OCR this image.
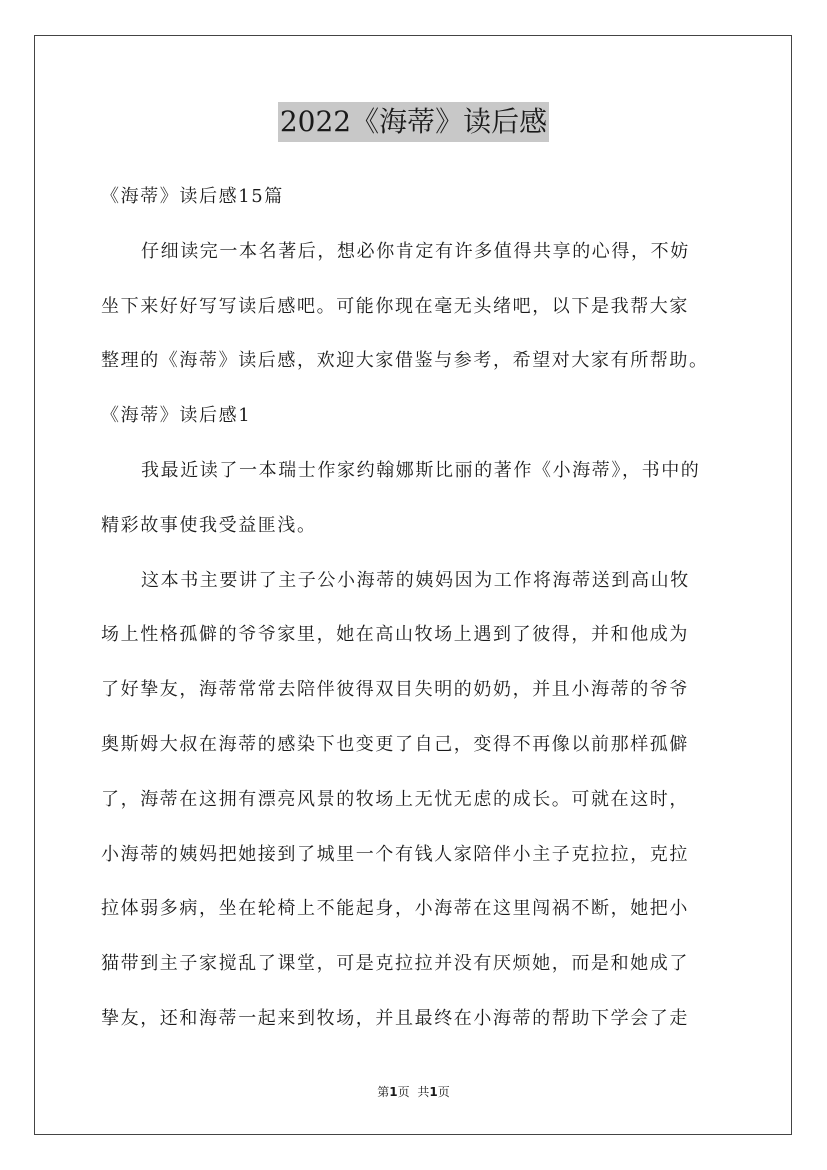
2022《海蒂》读后感
《海蒂》读后感15篇
仔细读完一本名著后，想必你肯定有许多值得共享的心得，不妨
坐下来好好写写读后感吧。可能你现在毫无头绪吧，以下是我帮大家
整理的《海蒂》读后感，欢迎大家借鉴与参考，希望对大家有所帮助。
《海蒂》读后感1
我最近读了一本瑞士作家约翰娜斯比丽的著作《小海蒂》，书中的
精彩故事使我受益匪浅。
这本书主要讲了主子公小海蒂的姨妈因为工作将海蒂送到高山牧
场上性格孤僻的爷爷家里，她在高山牧场上遇到了彼得，并和他成为
了好挚友，海蒂常常去陪伴彼得双目失明的奶奶，并且小海蒂的爷爷
奥斯姆大叔在海蒂的感染下也变更了自己，变得不再像以前那样孤僻
了，海蒂在这拥有漂亮风景的牧场上无忧无虑的成长。可就在这时，
小海蒂的姨妈把她接到了城里一个有钱人家陪伴小主子克拉拉，克拉
拉体弱多病，坐在轮椅上不能起身，小海蒂在这里闯祸不断，她把小
猫带到主子家搅乱了课堂，可是克拉拉并没有厌烦她，而是和她成了
挚友，还和海蒂一起来到牧场，并且最终在小海蒂的帮助下学会了走
第1页 共1页
